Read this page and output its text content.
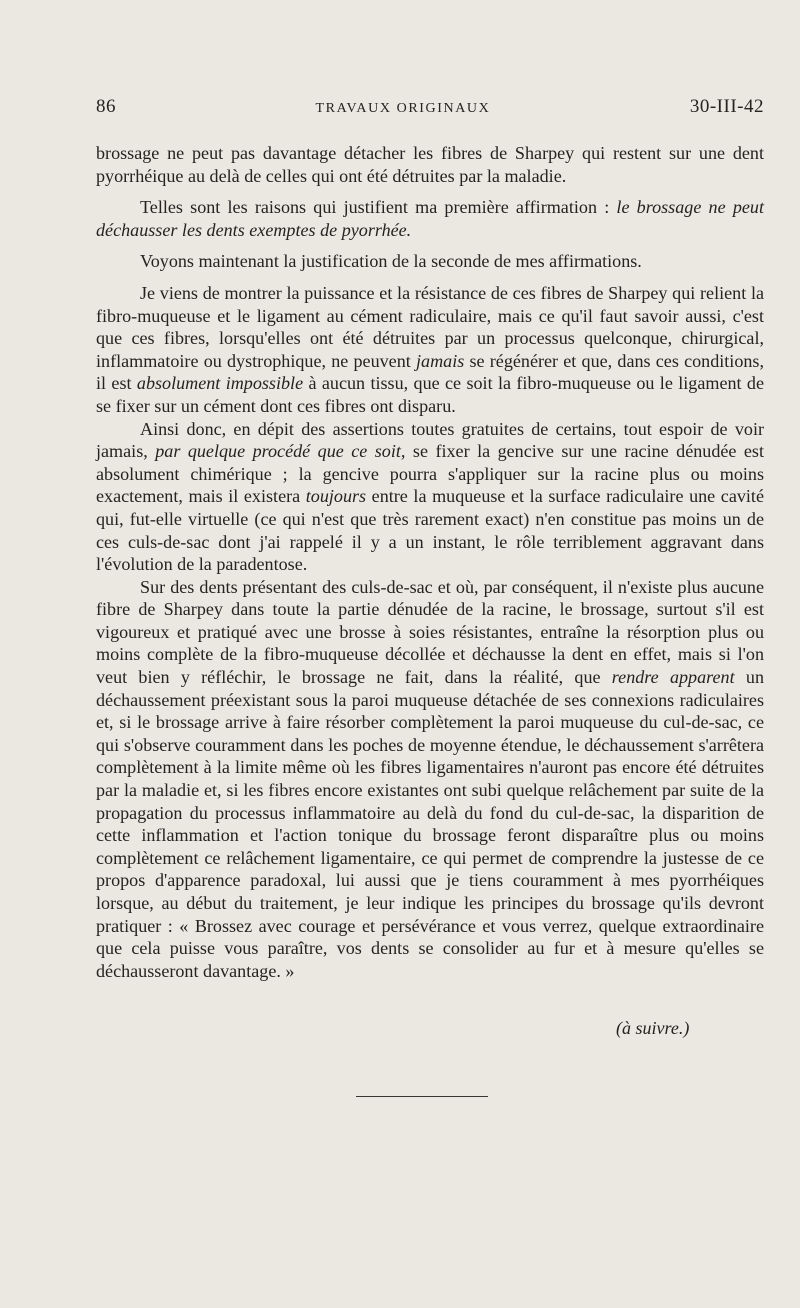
86	TRAVAUX ORIGINAUX	30-III-42

brossage ne peut pas davantage détacher les fibres de Sharpey qui restent sur une dent pyorrhéique au delà de celles qui ont été détruites par la maladie.

Telles sont les raisons qui justifient ma première affirmation : le brossage ne peut déchausser les dents exemptes de pyorrhée.

Voyons maintenant la justification de la seconde de mes affirmations.

Je viens de montrer la puissance et la résistance de ces fibres de Sharpey qui relient la fibro-muqueuse et le ligament au cément radiculaire, mais ce qu'il faut savoir aussi, c'est que ces fibres, lorsqu'elles ont été détruites par un processus quelconque, chirurgical, inflammatoire ou dystrophique, ne peuvent jamais se régénérer et que, dans ces conditions, il est absolument impossible à aucun tissu, que ce soit la fibro-muqueuse ou le ligament de se fixer sur un cément dont ces fibres ont disparu.

Ainsi donc, en dépit des assertions toutes gratuites de certains, tout espoir de voir jamais, par quelque procédé que ce soit, se fixer la gencive sur une racine dénudée est absolument chimérique ; la gencive pourra s'appliquer sur la racine plus ou moins exactement, mais il existera toujours entre la muqueuse et la surface radiculaire une cavité qui, fut-elle virtuelle (ce qui n'est que très rarement exact) n'en constitue pas moins un de ces culs-de-sac dont j'ai rappelé il y a un instant, le rôle terriblement aggravant dans l'évolution de la paradentose.

Sur des dents présentant des culs-de-sac et où, par conséquent, il n'existe plus aucune fibre de Sharpey dans toute la partie dénudée de la racine, le brossage, surtout s'il est vigoureux et pratiqué avec une brosse à soies résistantes, entraîne la résorption plus ou moins complète de la fibro-muqueuse décollée et déchausse la dent en effet, mais si l'on veut bien y réfléchir, le brossage ne fait, dans la réalité, que rendre apparent un déchaussement préexistant sous la paroi muqueuse détachée de ses connexions radiculaires et, si le brossage arrive à faire résorber complètement la paroi muqueuse du cul-de-sac, ce qui s'observe couramment dans les poches de moyenne étendue, le déchaussement s'arrêtera complètement à la limite même où les fibres ligamentaires n'auront pas encore été détruites par la maladie et, si les fibres encore existantes ont subi quelque relâchement par suite de la propagation du processus inflammatoire au delà du fond du cul-de-sac, la disparition de cette inflammation et l'action tonique du brossage feront disparaître plus ou moins complètement ce relâchement ligamentaire, ce qui permet de comprendre la justesse de ce propos d'apparence paradoxal, lui aussi que je tiens couramment à mes pyorrhéiques lorsque, au début du traitement, je leur indique les principes du brossage qu'ils devront pratiquer : « Brossez avec courage et persévérance et vous verrez, quelque extraordinaire que cela puisse vous paraître, vos dents se consolider au fur et à mesure qu'elles se déchausseront davantage. »

(à suivre.)
